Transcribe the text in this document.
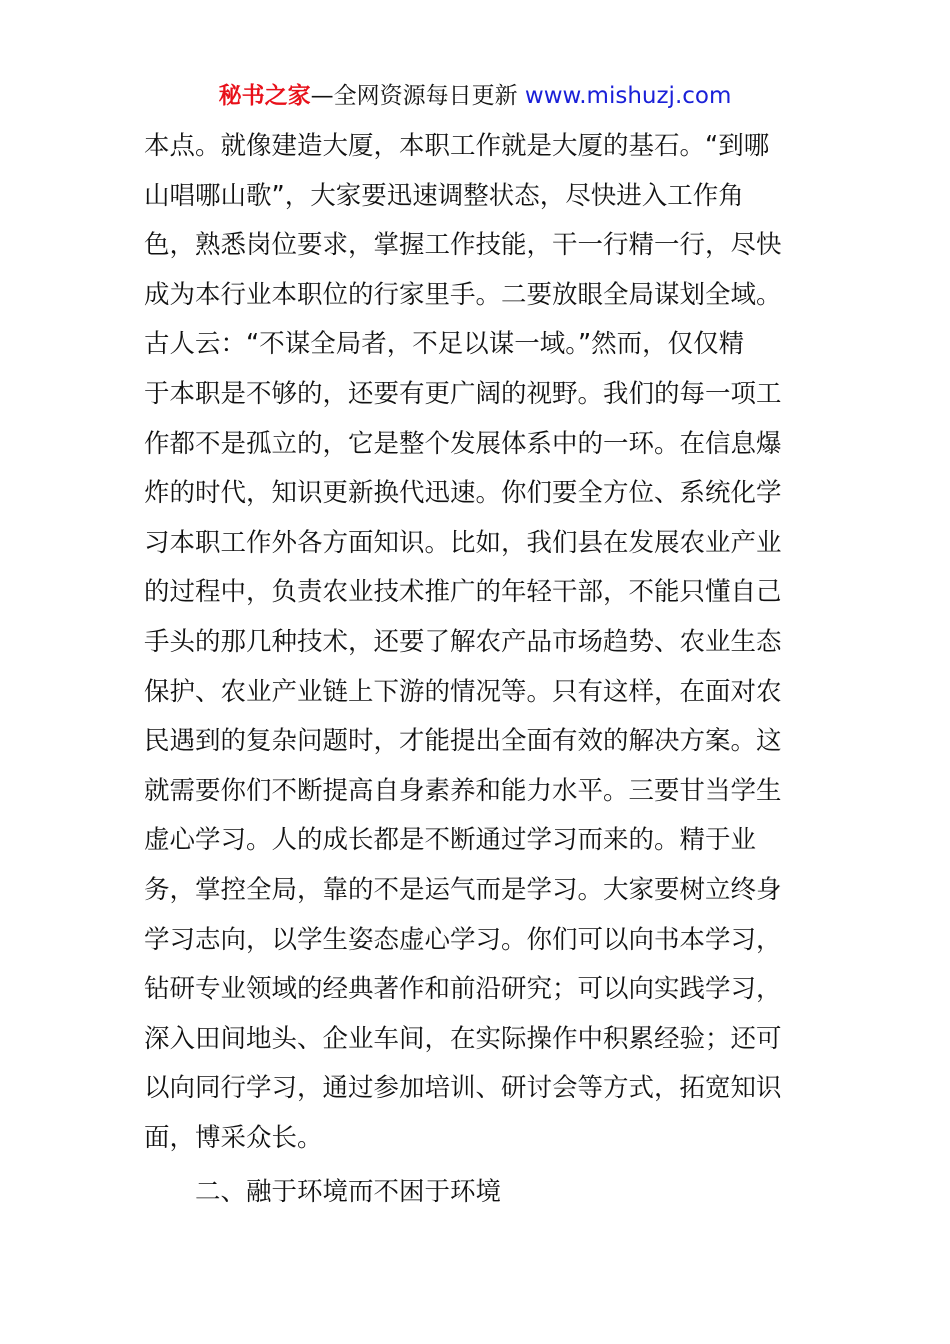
秘书之家—全网资源每日更新 www.mishuzj.com
本点。就像建造大厦，本职工作就是大厦的基石。“到哪
山唱哪山歌”，大家要迅速调整状态，尽快进入工作角
色，熟悉岗位要求，掌握工作技能，干一行精一行，尽快
成为本行业本职位的行家里手。二要放眼全局谋划全域。
古人云：“不谋全局者，不足以谋一域。”然而，仅仅精
于本职是不够的，还要有更广阔的视野。我们的每一项工
作都不是孤立的，它是整个发展体系中的一环。在信息爆
炸的时代，知识更新换代迅速。你们要全方位、系统化学
习本职工作外各方面知识。比如，我们县在发展农业产业
的过程中，负责农业技术推广的年轻干部，不能只懂自己
手头的那几种技术，还要了解农产品市场趋势、农业生态
保护、农业产业链上下游的情况等。只有这样，在面对农
民遇到的复杂问题时，才能提出全面有效的解决方案。这
就需要你们不断提高自身素养和能力水平。三要甘当学生
虚心学习。人的成长都是不断通过学习而来的。精于业
务，掌控全局，靠的不是运气而是学习。大家要树立终身
学习志向，以学生姿态虚心学习。你们可以向书本学习，
钻研专业领域的经典著作和前沿研究；可以向实践学习，
深入田间地头、企业车间，在实际操作中积累经验；还可
以向同行学习，通过参加培训、研讨会等方式，拓宽知识
面，博采众长。
二、融于环境而不困于环境
